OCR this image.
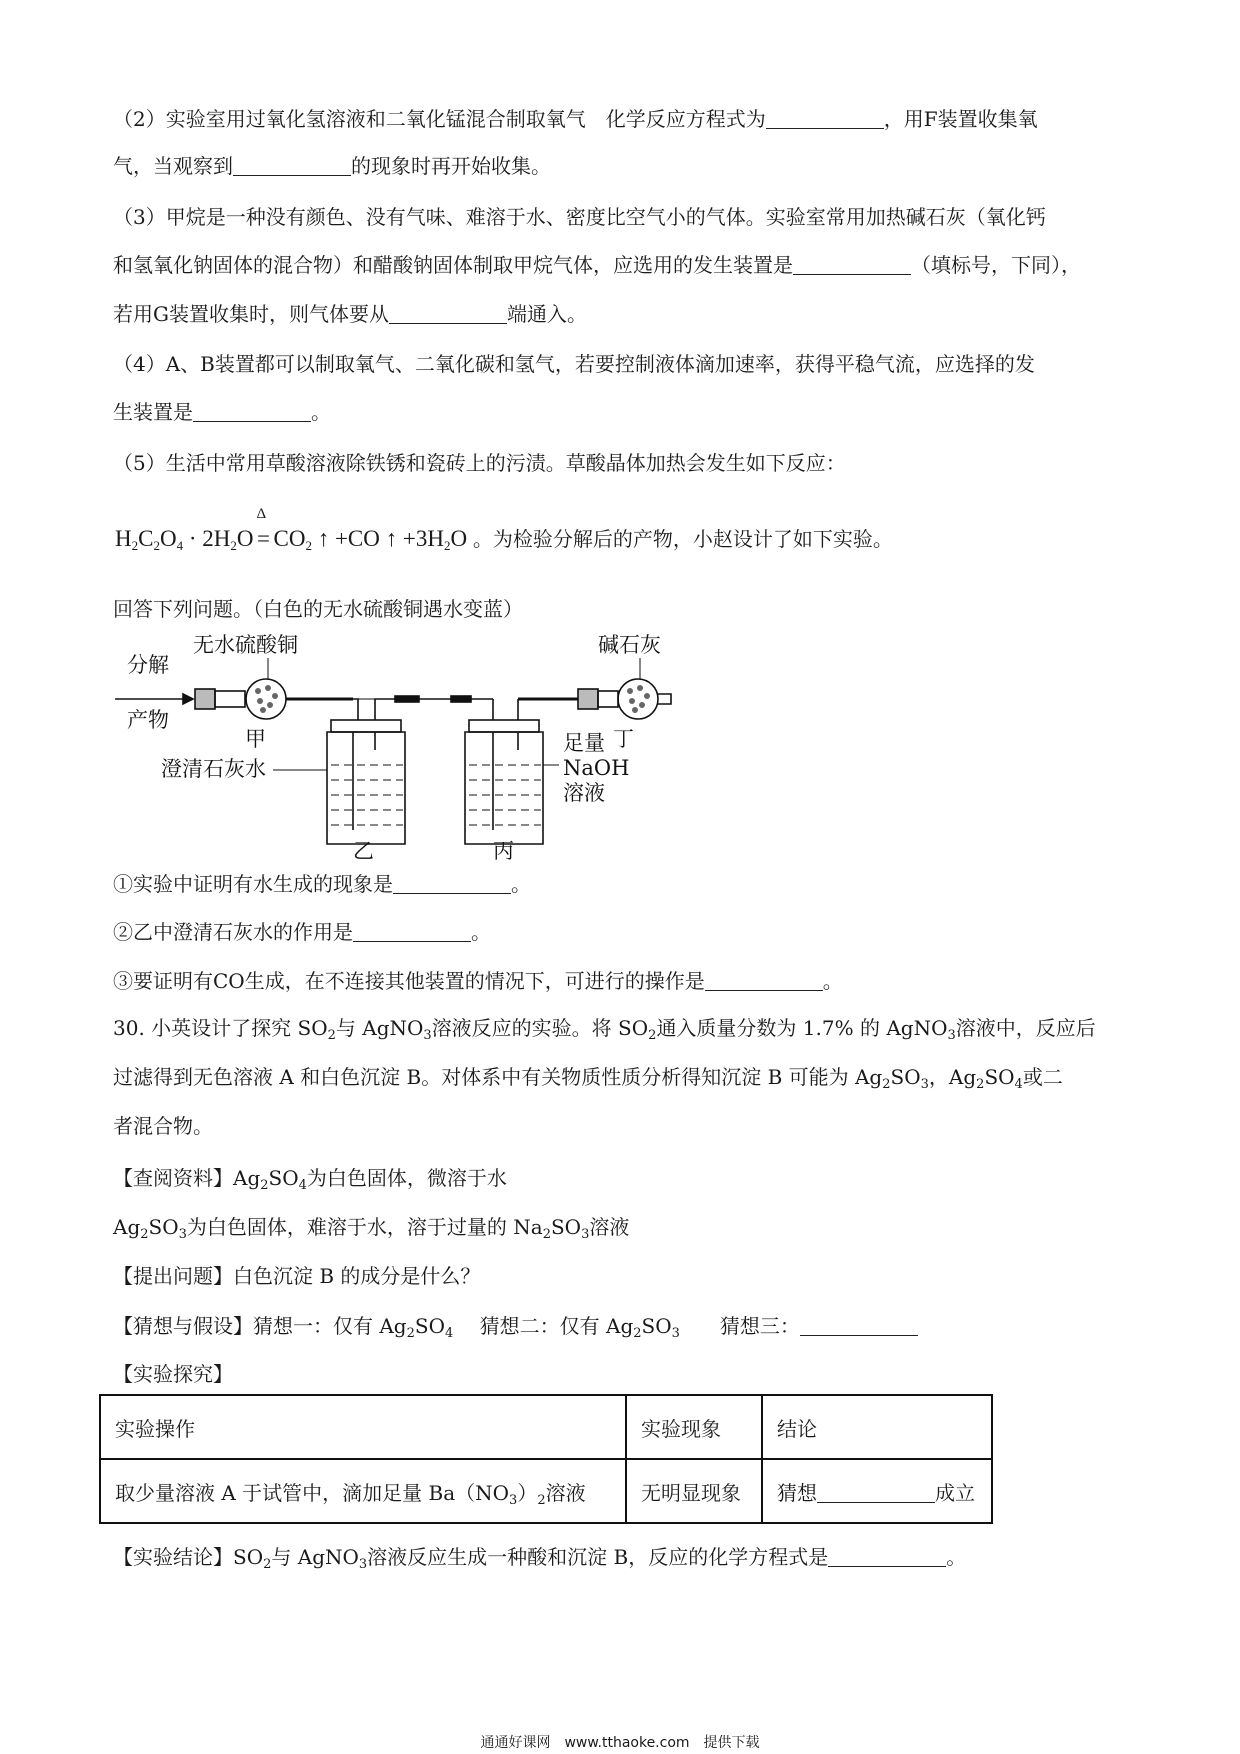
（2）实验室用过氧化氢溶液和二氧化锰混合制取氧气　化学反应方程式为	，用F装置收集氧
气，当观察到	的现象时再开始收集。
（3）甲烷是一种没有颜色、没有气味、难溶于水、密度比空气小的气体。实验室常用加热碱石灰（氧化钙
和氢氧化钠固体的混合物）和醋酸钠固体制取甲烷气体，应选用的发生装置是	（填标号，下同），
若用G装置收集时，则气体要从	端通入。
（4）A、B装置都可以制取氧气、二氧化碳和氢气，若要控制液体滴加速率，获得平稳气流，应选择的发
生装置是	。
（5）生活中常用草酸溶液除铁锈和瓷砖上的污渍。草酸晶体加热会发生如下反应：
$H_2C_2O_4 \cdot 2H_2O$
Δ
= $CO_2$ ↑ +CO ↑ $+3H_2O$ 。为检验分解后的产物，小赵设计了如下实验。
回答下列问题。（白色的无水硫酸铜遇水变蓝）
分解
产物
无水硫酸铜	碱石灰
甲	丁
澄清石灰水
足量
NaOH
溶液
乙	丙
①实验中证明有水生成的现象是	。
②乙中澄清石灰水的作用是	。
③要证明有CO生成，在不连接其他装置的情况下，可进行的操作是	。
30. 小英设计了探究 $SO_2$与 AgNO$_3$溶液反应的实验。将 $SO_2$通入质量分数为 1.7% 的 AgNO$_3$溶液中，反应后
过滤得到无色溶液 A 和白色沉淀 B。对体系中有关物质性质分析得知沉淀 B 可能为 $Ag_2SO_3$，$Ag_2SO_4$或二
者混合物。
【查阅资料】$Ag_2SO_4$为白色固体，微溶于水
$Ag_2SO_3$为白色固体，难溶于水，溶于过量的 $Na_2SO_3$溶液
【提出问题】白色沉淀 B 的成分是什么？
【猜想与假设】猜想一：仅有 $Ag_2SO_4$　 猜想二：仅有 $Ag_2SO_3$　　猜想三：
【实验探究】
实验操作	实验现象	结论
取少量溶液 A 于试管中，滴加足量 $Ba(NO_3)_2$溶液	无明显现象	猜想 成立
【实验结论】$SO_2$与 AgNO$_3$溶液反应生成一种酸和沉淀 B，反应的化学方程式是	。
通通好课网　www.tthaoke.com　提供下载
